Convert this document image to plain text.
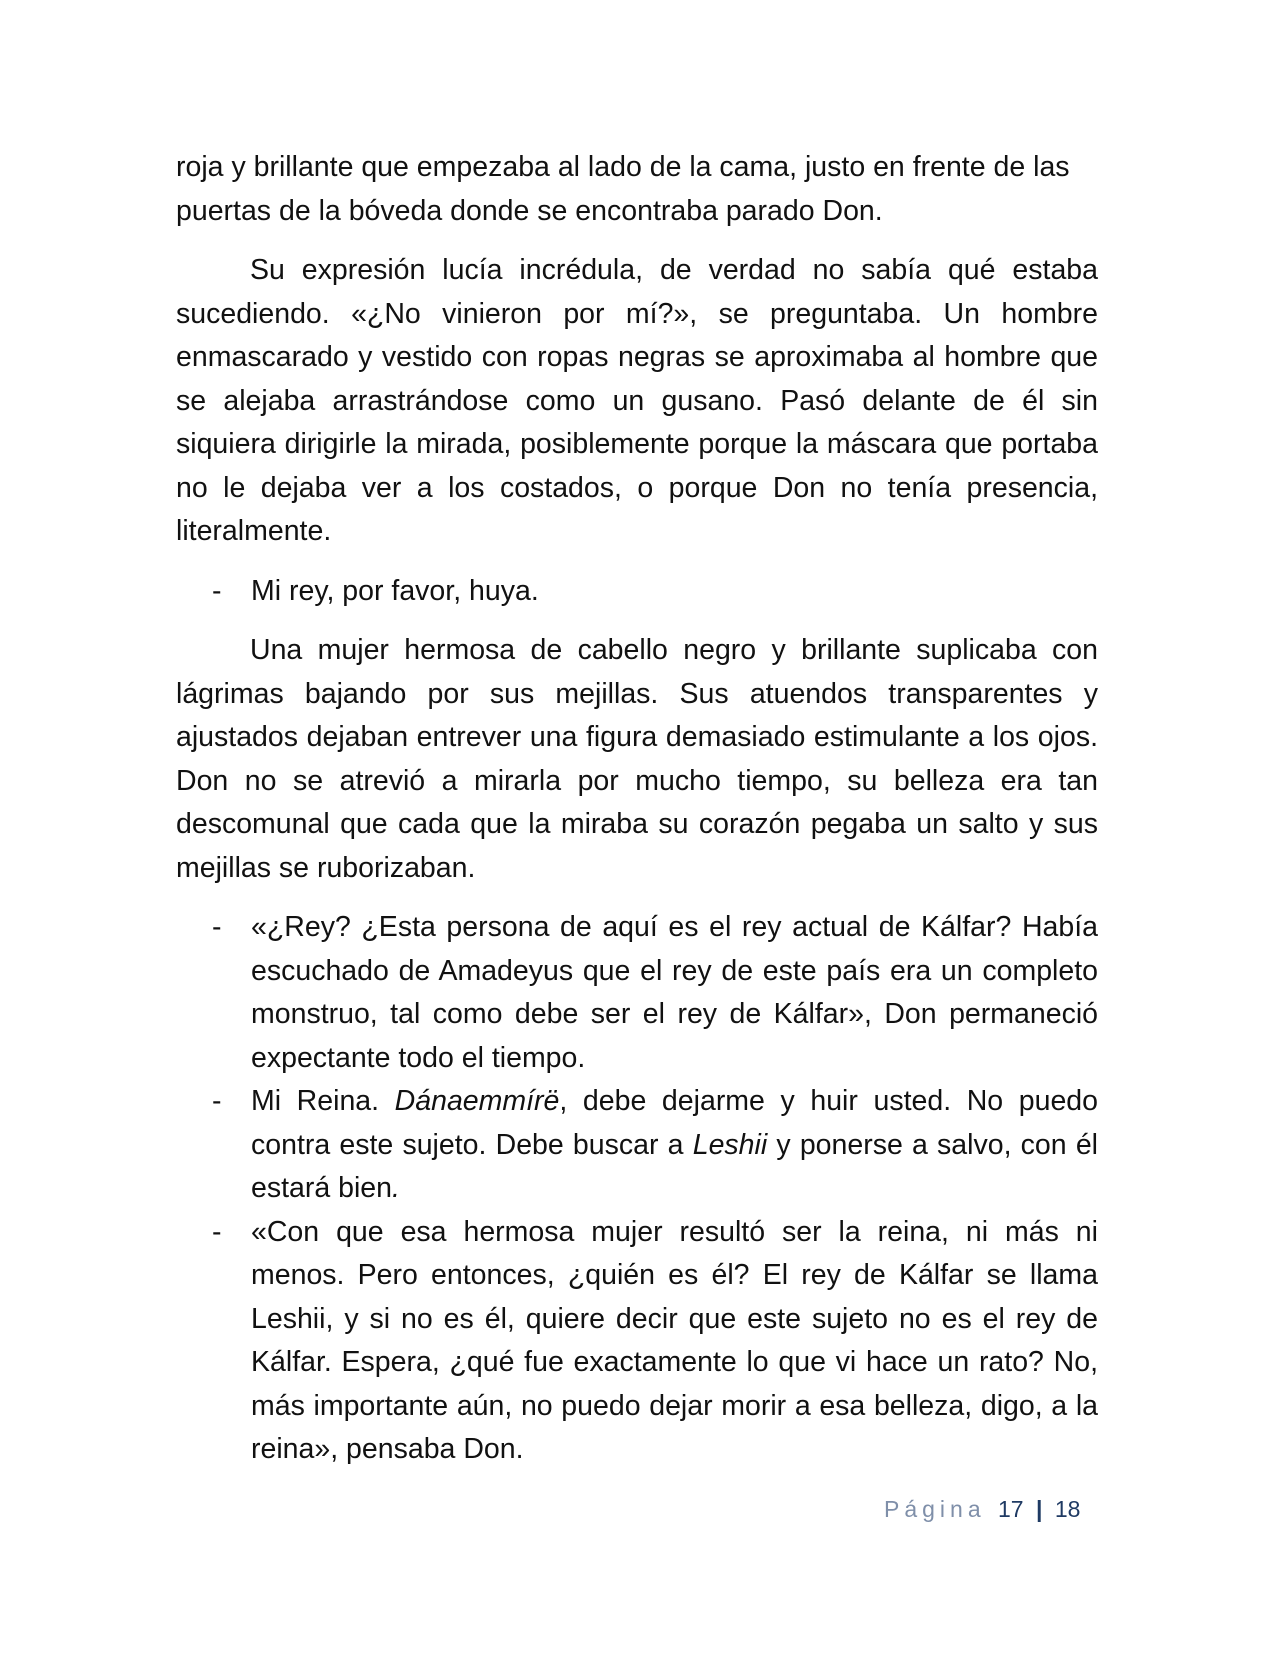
roja y brillante que empezaba al lado de la cama, justo en frente de las puertas de la bóveda donde se encontraba parado Don.

Su expresión lucía incrédula, de verdad no sabía qué estaba sucediendo. «¿No vinieron por mí?», se preguntaba. Un hombre enmascarado y vestido con ropas negras se aproximaba al hombre que se alejaba arrastrándose como un gusano. Pasó delante de él sin siquiera dirigirle la mirada, posiblemente porque la máscara que portaba no le dejaba ver a los costados, o porque Don no tenía presencia, literalmente.

- Mi rey, por favor, huya.

Una mujer hermosa de cabello negro y brillante suplicaba con lágrimas bajando por sus mejillas. Sus atuendos transparentes y ajustados dejaban entrever una figura demasiado estimulante a los ojos. Don no se atrevió a mirarla por mucho tiempo, su belleza era tan descomunal que cada que la miraba su corazón pegaba un salto y sus mejillas se ruborizaban.

- «¿Rey? ¿Esta persona de aquí es el rey actual de Kálfar? Había escuchado de Amadeyus que el rey de este país era un completo monstruo, tal como debe ser el rey de Kálfar», Don permaneció expectante todo el tiempo.
- Mi Reina. Dánaemmírë, debe dejarme y huir usted. No puedo contra este sujeto. Debe buscar a Leshii y ponerse a salvo, con él estará bien.
- «Con que esa hermosa mujer resultó ser la reina, ni más ni menos. Pero entonces, ¿quién es él? El rey de Kálfar se llama Leshii, y si no es él, quiere decir que este sujeto no es el rey de Kálfar. Espera, ¿qué fue exactamente lo que vi hace un rato? No, más importante aún, no puedo dejar morir a esa belleza, digo, a la reina», pensaba Don.
Página 17 | 18
